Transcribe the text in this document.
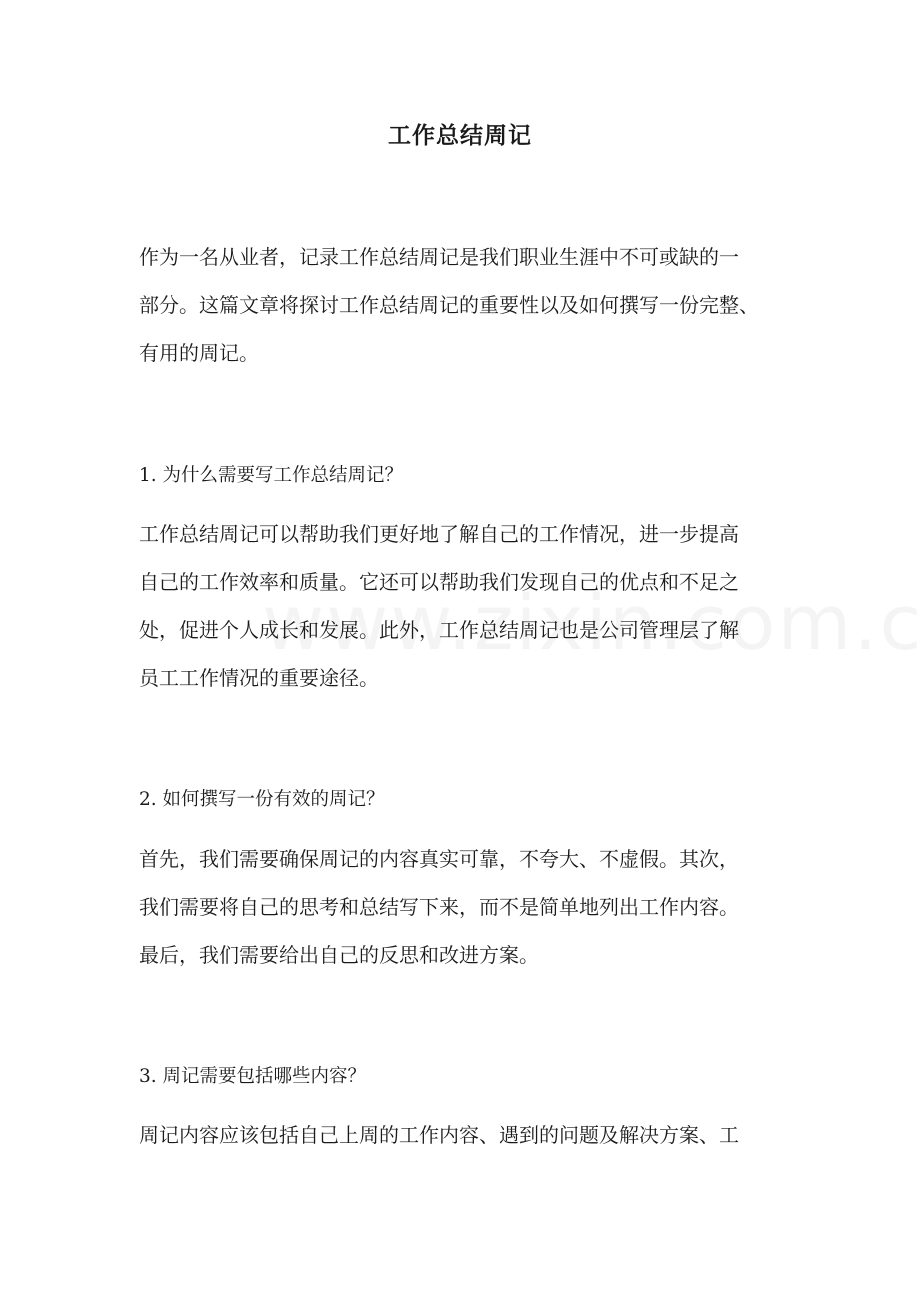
工作总结周记

作为一名从业者，记录工作总结周记是我们职业生涯中不可或缺的一
部分。这篇文章将探讨工作总结周记的重要性以及如何撰写一份完整、
有用的周记。

1. 为什么需要写工作总结周记？

工作总结周记可以帮助我们更好地了解自己的工作情况，进一步提高
自己的工作效率和质量。它还可以帮助我们发现自己的优点和不足之
处，促进个人成长和发展。此外，工作总结周记也是公司管理层了解
员工工作情况的重要途径。

2. 如何撰写一份有效的周记？

首先，我们需要确保周记的内容真实可靠，不夸大、不虚假。其次，
我们需要将自己的思考和总结写下来，而不是简单地列出工作内容。
最后，我们需要给出自己的反思和改进方案。

3. 周记需要包括哪些内容？

周记内容应该包括自己上周的工作内容、遇到的问题及解决方案、工
